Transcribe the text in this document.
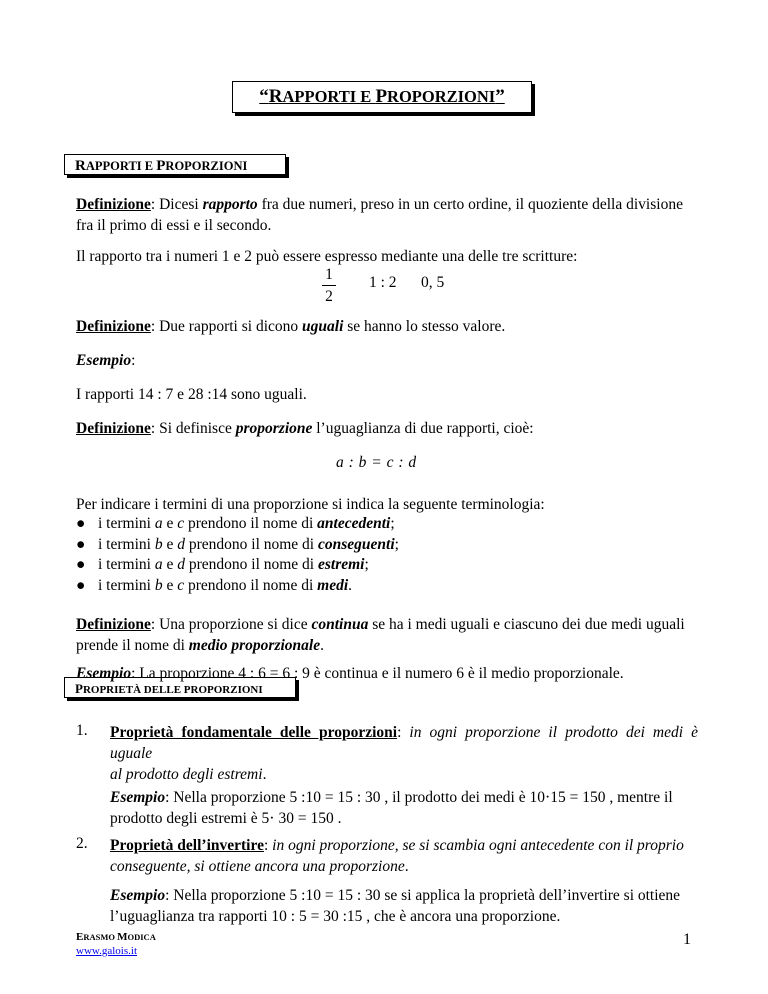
“RAPPORTI E PROPORZIONI”
RAPPORTI E PROPORZIONI
Definizione: Dicesi rapporto fra due numeri, preso in un certo ordine, il quoziente della divisione
fra il primo di essi e il secondo.
Il rapporto tra i numeri 1 e 2 può essere espresso mediante una delle tre scritture:
1
2
1 : 2 0, 5
Definizione: Due rapporti si dicono uguali se hanno lo stesso valore.
Esempio:
I rapporti 14 : 7 e 28 :14 sono uguali.
Definizione: Si definisce proporzione l’uguaglianza di due rapporti, cioè:
a : b = c : d
Per indicare i termini di una proporzione si indica la seguente terminologia:
● i termini a e c prendono il nome di antecedenti;
● i termini b e d prendono il nome di conseguenti;
● i termini a e d prendono il nome di estremi;
● i termini b e c prendono il nome di medi.
Definizione: Una proporzione si dice continua se ha i medi uguali e ciascuno dei due medi uguali
prende il nome di medio proporzionale.
Esempio: La proporzione 4 : 6 = 6 : 9 è continua e il numero 6 è il medio proporzionale.
PROPRIETÀ DELLE PROPORZIONI
1. Proprietà fondamentale delle proporzioni: in ogni proporzione il prodotto dei medi è uguale
al prodotto degli estremi.
Esempio: Nella proporzione 5 :10 = 15 : 30 , il prodotto dei medi è 10⋅15 = 150 , mentre il
prodotto degli estremi è 5⋅ 30 = 150 .
2. Proprietà dell’invertire: in ogni proporzione, se si scambia ogni antecedente con il proprio
conseguente, si ottiene ancora una proporzione.
Esempio: Nella proporzione 5 :10 = 15 : 30 se si applica la proprietà dell’invertire si ottiene
l’uguaglianza tra rapporti 10 : 5 = 30 :15 , che è ancora una proporzione.
ERASMO MODICA
www.galois.it
1
